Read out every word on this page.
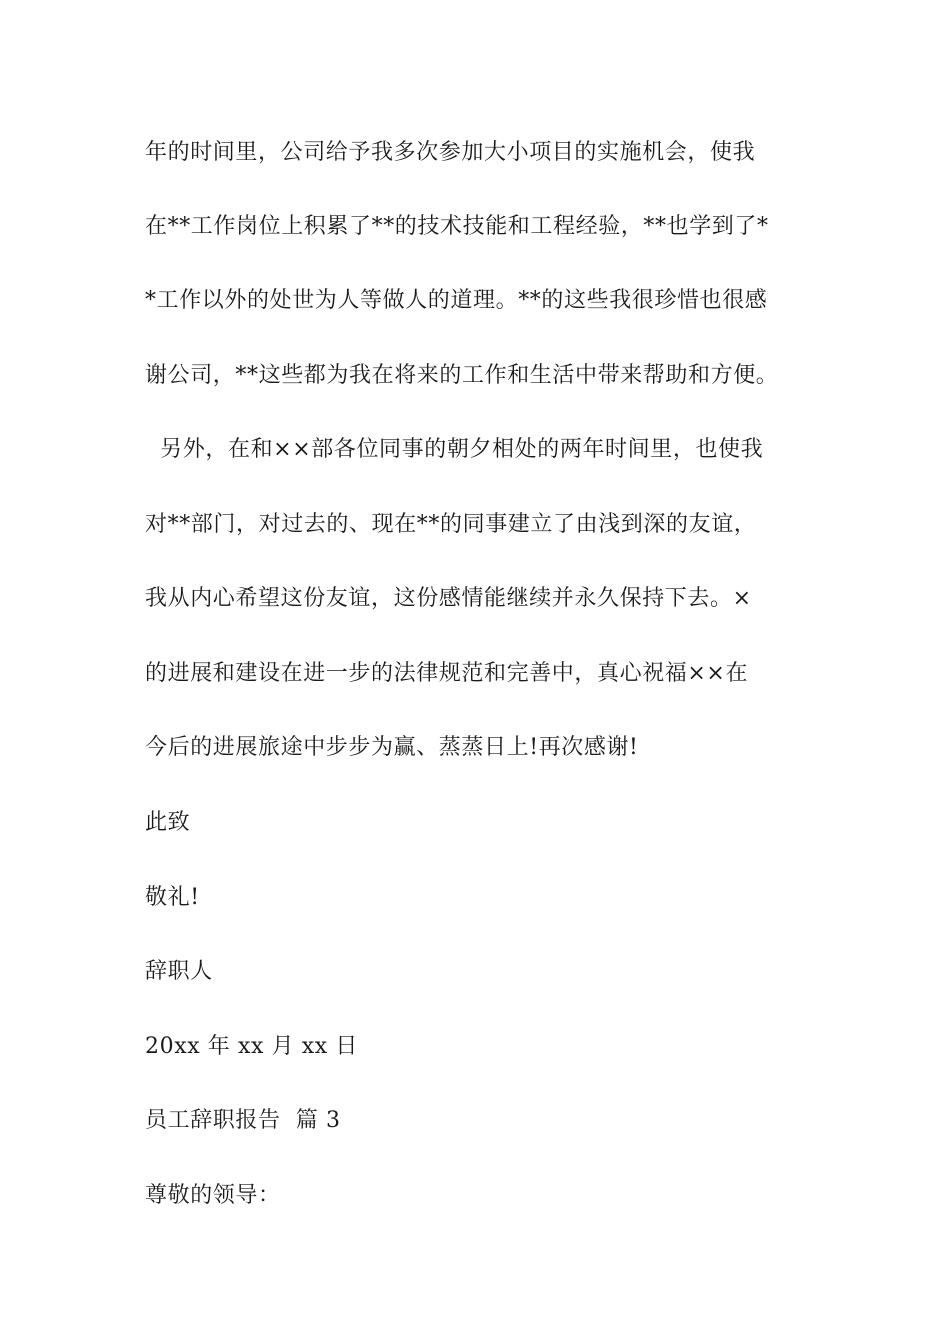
年的时间里，公司给予我多次参加大小项目的实施机会，使我
在**工作岗位上积累了**的技术技能和工程经验，**也学到了*
*工作以外的处世为人等做人的道理。**的这些我很珍惜也很感
谢公司，**这些都为我在将来的工作和生活中带来帮助和方便。
另外，在和××部各位同事的朝夕相处的两年时间里，也使我
对**部门，对过去的、现在**的同事建立了由浅到深的友谊，
我从内心希望这份友谊，这份感情能继续并永久保持下去。×
的进展和建设在进一步的法律规范和完善中，真心祝福××在
今后的进展旅途中步步为赢、蒸蒸日上!再次感谢!
此致
敬礼!
辞职人
20xx 年 xx 月 xx 日
员工辞职报告  篇 3
尊敬的领导：
